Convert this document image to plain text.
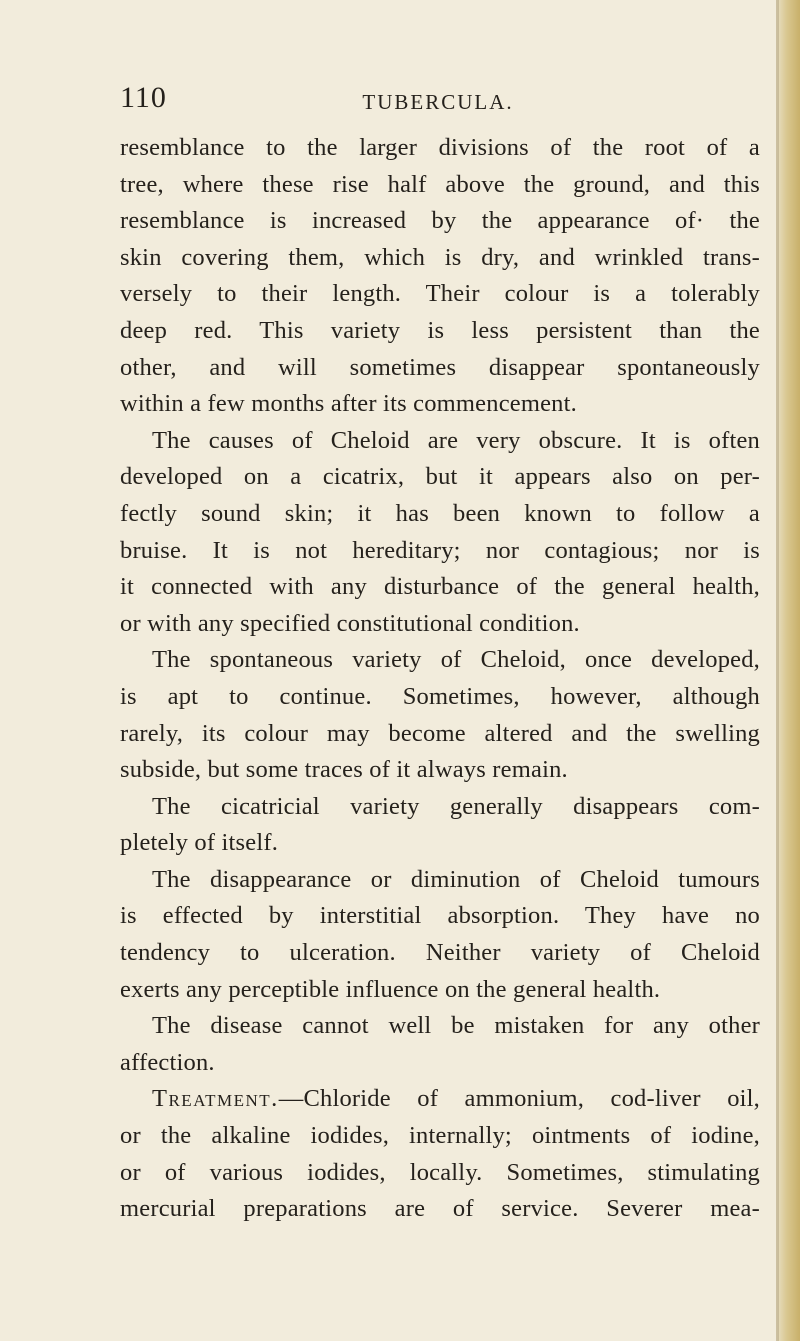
110	TUBERCULA.
resemblance to the larger divisions of the root of a
tree, where these rise half above the ground, and this
resemblance is increased by the appearance of· the
skin covering them, which is dry, and wrinkled trans-
versely to their length. Their colour is a tolerably
deep red. This variety is less persistent than the
other, and will sometimes disappear spontaneously
within a few months after its commencement.
The causes of Cheloid are very obscure. It is often
developed on a cicatrix, but it appears also on per-
fectly sound skin; it has been known to follow a
bruise. It is not hereditary; nor contagious; nor is
it connected with any disturbance of the general health,
or with any specified constitutional condition.
The spontaneous variety of Cheloid, once developed,
is apt to continue. Sometimes, however, although
rarely, its colour may become altered and the swelling
subside, but some traces of it always remain.
The cicatricial variety generally disappears com-
pletely of itself.
The disappearance or diminution of Cheloid tumours
is effected by interstitial absorption. They have no
tendency to ulceration. Neither variety of Cheloid
exerts any perceptible influence on the general health.
The disease cannot well be mistaken for any other
affection.
Treatment.—Chloride of ammonium, cod-liver oil,
or the alkaline iodides, internally; ointments of iodine,
or of various iodides, locally. Sometimes, stimulating
mercurial preparations are of service. Severer mea-
